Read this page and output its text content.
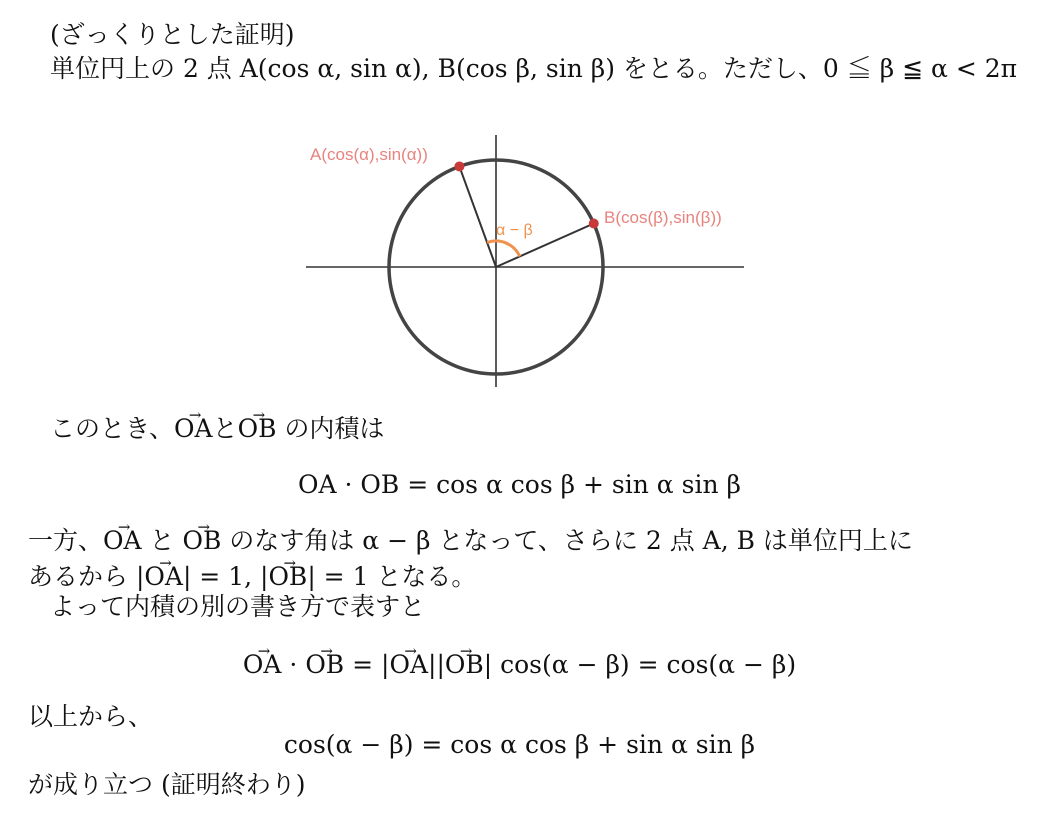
(ざっくりとした証明)
単位円上の 2 点 A(cos α, sin α), B(cos β, sin β) をとる。ただし、0 ≦ β ≦ α < 2π
A(cos(α),sin(α))
B(cos(β),sin(β))
α − β
このとき、OA →とOB → の内積は
OA · OB = cos α cos β + sin α sin β
一方、OA → と OB → のなす角は α − β となって、さらに 2 点 A, B は単位円上に
あるから |OA →| = 1, |OB →| = 1 となる。
よって内積の別の書き方で表すと
OA → · OB → = |OA →||OB →| cos(α − β) = cos(α − β)
以上から、
cos(α − β) = cos α cos β + sin α sin β
が成り立つ (証明終わり)
